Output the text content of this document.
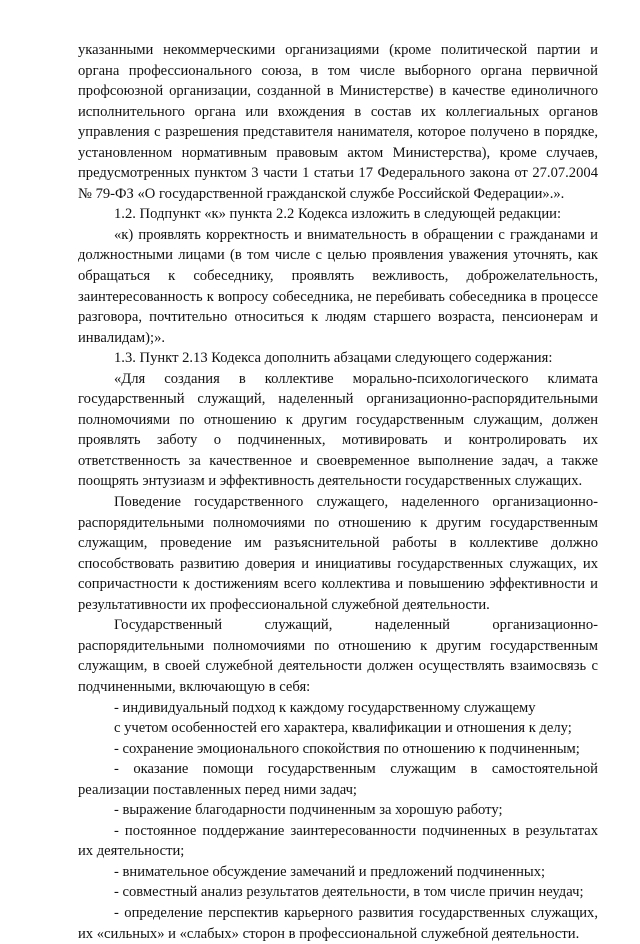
указанными некоммерческими организациями (кроме политической партии и органа профессионального союза, в том числе выборного органа первичной профсоюзной организации, созданной в Министерстве) в качестве единоличного исполнительного органа или вхождения в состав их коллегиальных органов управления с разрешения представителя нанимателя, которое получено в порядке, установленном нормативным правовым актом Министерства), кроме случаев, предусмотренных пунктом 3 части 1 статьи 17 Федерального закона от 27.07.2004 № 79-ФЗ «О государственной гражданской службе Российской Федерации».».

1.2. Подпункт «к» пункта 2.2 Кодекса изложить в следующей редакции:

«к) проявлять корректность и внимательность в обращении с гражданами и должностными лицами (в том числе с целью проявления уважения уточнять, как обращаться к собеседнику, проявлять вежливость, доброжелательность, заинтересованность к вопросу собеседника, не перебивать собеседника в процессе разговора, почтительно относиться к людям старшего возраста, пенсионерам и инвалидам);».

1.3. Пункт 2.13 Кодекса дополнить абзацами следующего содержания:

«Для создания в коллективе морально-психологического климата государственный служащий, наделенный организационно-распорядительными полномочиями по отношению к другим государственным служащим, должен проявлять заботу о подчиненных, мотивировать и контролировать их ответственность за качественное и своевременное выполнение задач, а также поощрять энтузиазм и эффективность деятельности государственных служащих.

Поведение государственного служащего, наделенного организационно-распорядительными полномочиями по отношению к другим государственным служащим, проведение им разъяснительной работы в коллективе должно способствовать развитию доверия и инициативы государственных служащих, их сопричастности к достижениям всего коллектива и повышению эффективности и результативности их профессиональной служебной деятельности.

Государственный служащий, наделенный организационно-распорядительными полномочиями по отношению к другим государственным служащим, в своей служебной деятельности должен осуществлять взаимосвязь с подчиненными, включающую в себя:

- индивидуальный подход к каждому государственному служащему

с учетом особенностей его характера, квалификации и отношения к делу;

- сохранение эмоционального спокойствия по отношению к подчиненным;

- оказание помощи государственным служащим в самостоятельной реализации поставленных перед ними задач;

- выражение благодарности подчиненным за хорошую работу;

- постоянное поддержание заинтересованности подчиненных в результатах их деятельности;

- внимательное обсуждение замечаний и предложений подчиненных;

- совместный анализ результатов деятельности, в том числе причин неудач;

- определение перспектив карьерного развития государственных служащих, их «сильных» и «слабых» сторон в профессиональной служебной деятельности.
